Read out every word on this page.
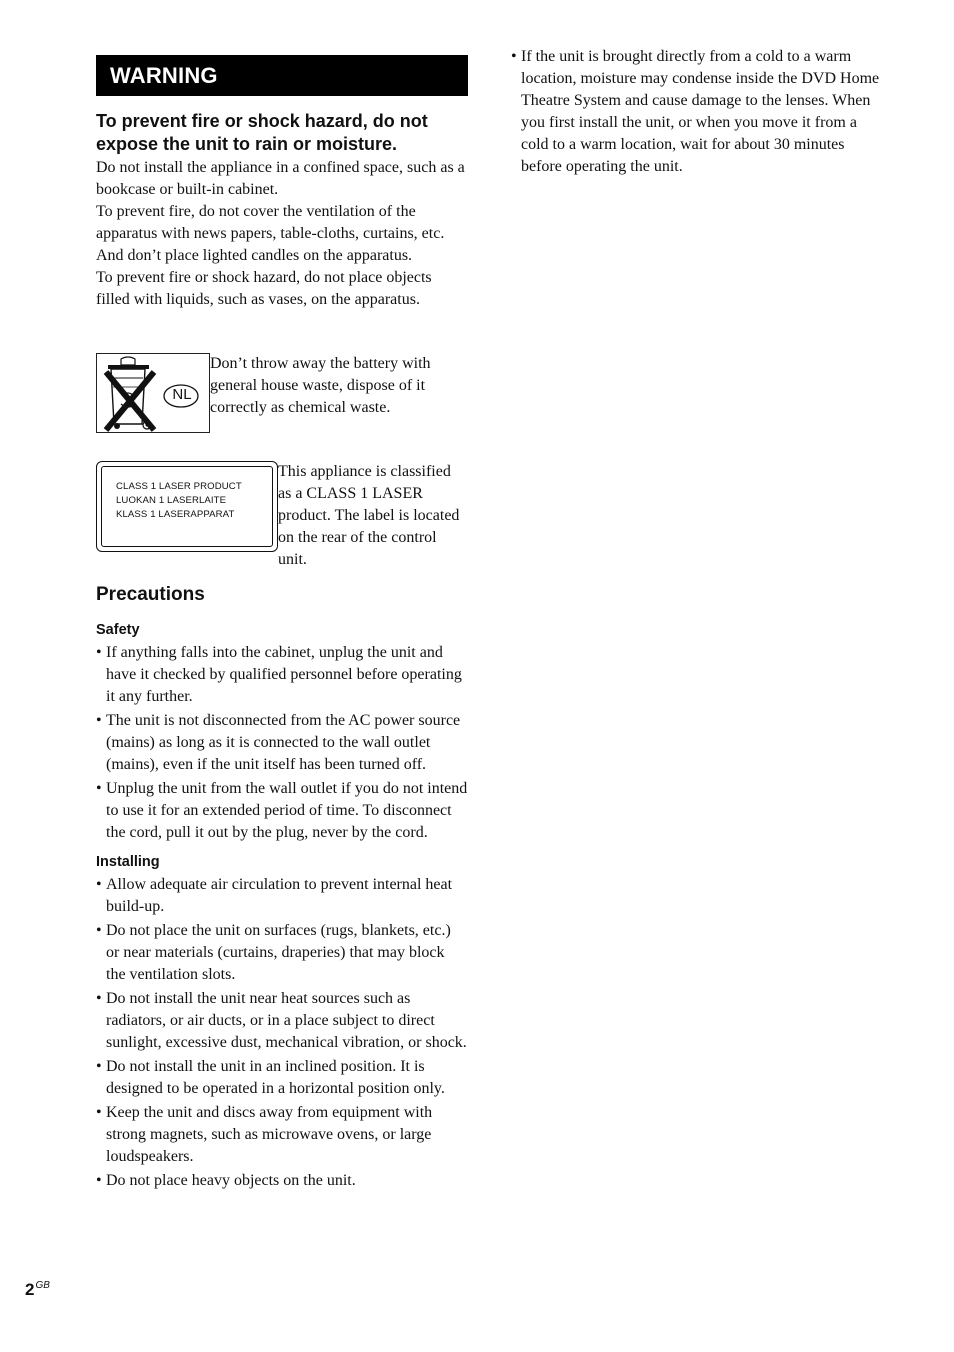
WARNING
To prevent fire or shock hazard, do not expose the unit to rain or moisture.

Do not install the appliance in a confined space, such as a bookcase or built-in cabinet.

To prevent fire, do not cover the ventilation of the apparatus with news papers, table-cloths, curtains, etc. And don’t place lighted candles on the apparatus.

To prevent fire or shock hazard, do not place objects filled with liquids, such as vases, on the apparatus.

NL

Don’t throw away the battery with general house waste, dispose of it correctly as chemical waste.

CLASS 1 LASER PRODUCT
LUOKAN 1 LASERLAITE
KLASS 1 LASERAPPARAT

This appliance is classified as a CLASS 1 LASER product. The label is located on the rear of the control unit.

Precautions
Safety
• If anything falls into the cabinet, unplug the unit and have it checked by qualified personnel before operating it any further.
• The unit is not disconnected from the AC power source (mains) as long as it is connected to the wall outlet (mains), even if the unit itself has been turned off.
• Unplug the unit from the wall outlet if you do not intend to use it for an extended period of time. To disconnect the cord, pull it out by the plug, never by the cord.
Installing
• Allow adequate air circulation to prevent internal heat build-up.
• Do not place the unit on surfaces (rugs, blankets, etc.) or near materials (curtains, draperies) that may block the ventilation slots.
• Do not install the unit near heat sources such as radiators, or air ducts, or in a place subject to direct sunlight, excessive dust, mechanical vibration, or shock.
• Do not install the unit in an inclined position. It is designed to be operated in a horizontal position only.
• Keep the unit and discs away from equipment with strong magnets, such as microwave ovens, or large loudspeakers.
• Do not place heavy objects on the unit.
• If the unit is brought directly from a cold to a warm location, moisture may condense inside the DVD Home Theatre System and cause damage to the lenses. When you first install the unit, or when you move it from a cold to a warm location, wait for about 30 minutes before operating the unit.
$2^{GB}$
